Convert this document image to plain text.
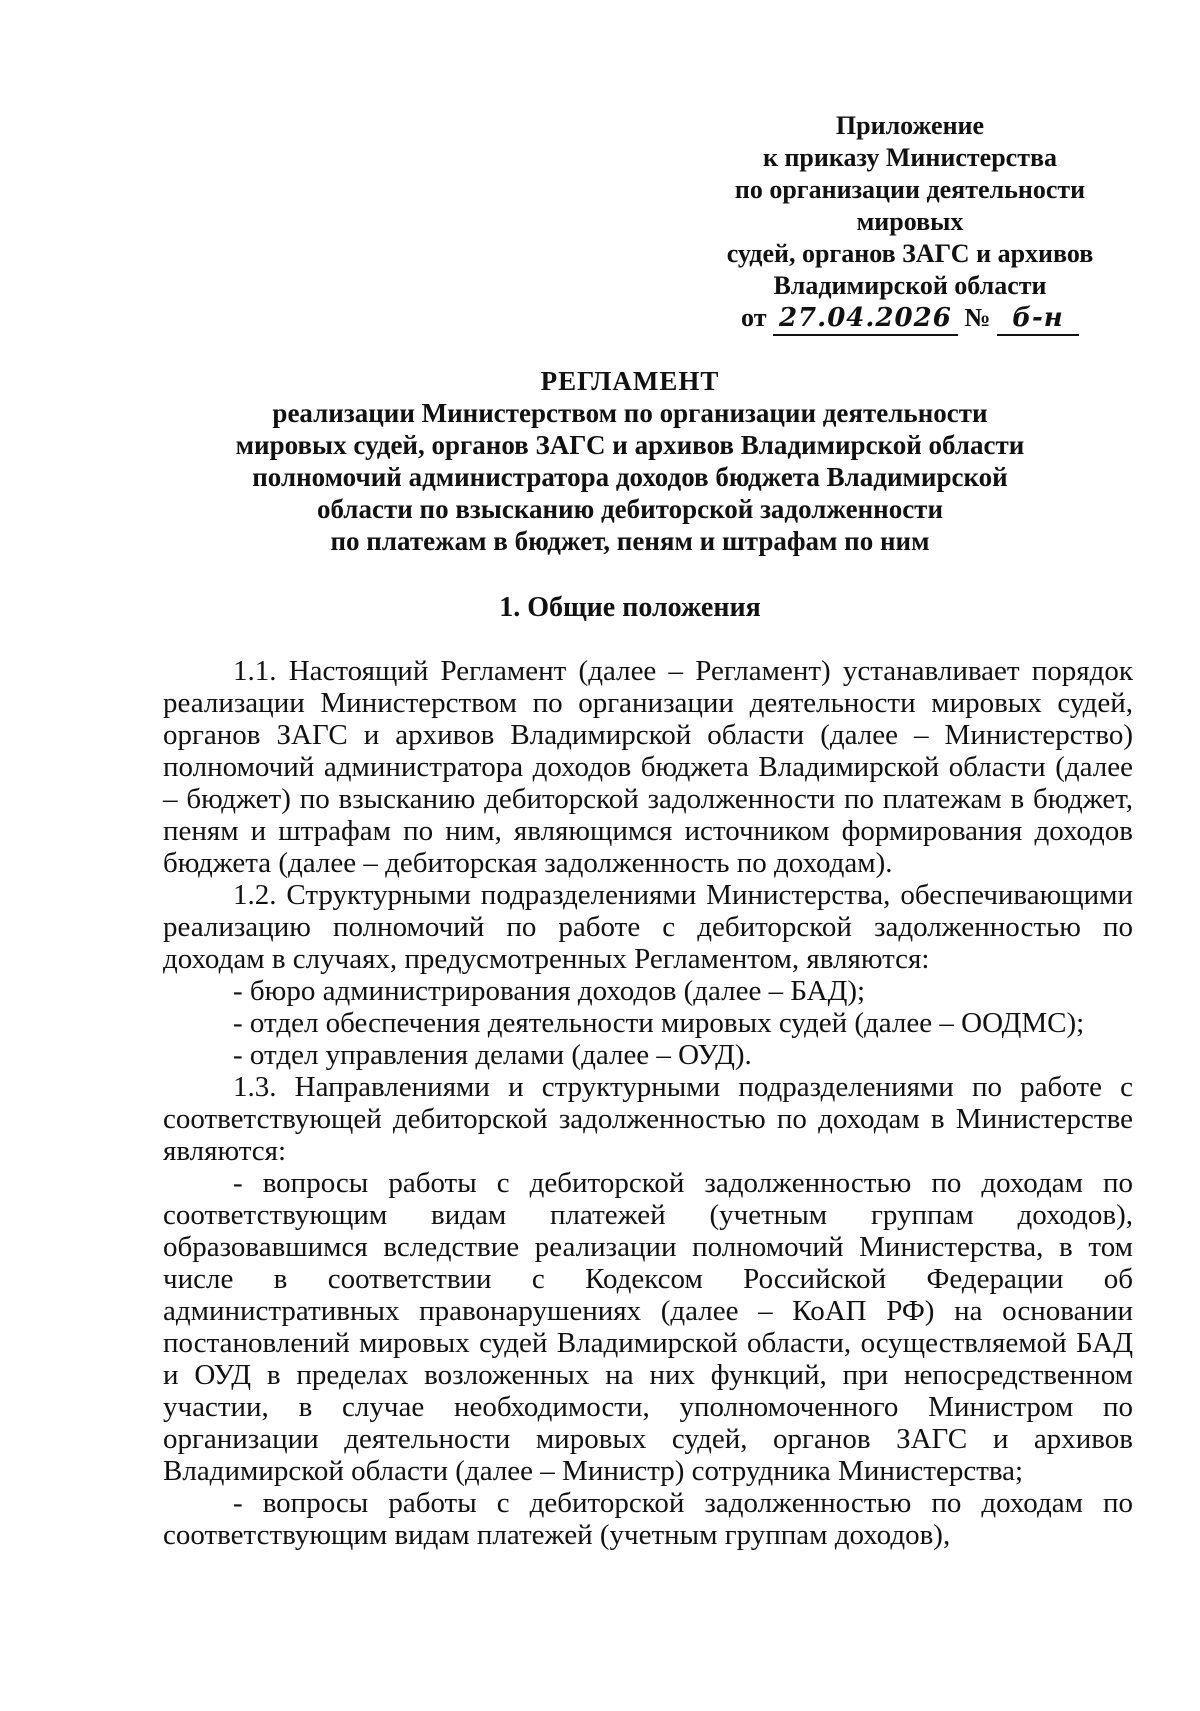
Приложение
к приказу Министерства
по организации деятельности мировых
судей, органов ЗАГС и архивов
Владимирской области
от 27.04.2026 № б-н
РЕГЛАМЕНТ
реализации Министерством по организации деятельности
мировых судей, органов ЗАГС и архивов Владимирской области
полномочий администратора доходов бюджета Владимирской
области по взысканию дебиторской задолженности
по платежам в бюджет, пеням и штрафам по ним
1. Общие положения

1.1. Настоящий Регламент (далее – Регламент) устанавливает порядок реализации Министерством по организации деятельности мировых судей, органов ЗАГС и архивов Владимирской области (далее – Министерство) полномочий администратора доходов бюджета Владимирской области (далее – бюджет) по взысканию дебиторской задолженности по платежам в бюджет, пеням и штрафам по ним, являющимся источником формирования доходов бюджета (далее – дебиторская задолженность по доходам).

1.2. Структурными подразделениями Министерства, обеспечивающими реализацию полномочий по работе с дебиторской задолженностью по доходам в случаях, предусмотренных Регламентом, являются:

- бюро администрирования доходов (далее – БАД);

- отдел обеспечения деятельности мировых судей (далее – ООДМС);

- отдел управления делами (далее – ОУД).

1.3. Направлениями и структурными подразделениями по работе с соответствующей дебиторской задолженностью по доходам в Министерстве являются:

- вопросы работы с дебиторской задолженностью по доходам по соответствующим видам платежей (учетным группам доходов), образовавшимся вследствие реализации полномочий Министерства, в том числе в соответствии с Кодексом Российской Федерации об административных правонарушениях (далее – КоАП РФ) на основании постановлений мировых судей Владимирской области, осуществляемой БАД и ОУД в пределах возложенных на них функций, при непосредственном участии, в случае необходимости, уполномоченного Министром по организации деятельности мировых судей, органов ЗАГС и архивов Владимирской области (далее – Министр) сотрудника Министерства;

- вопросы работы с дебиторской задолженностью по доходам по соответствующим видам платежей (учетным группам доходов),
